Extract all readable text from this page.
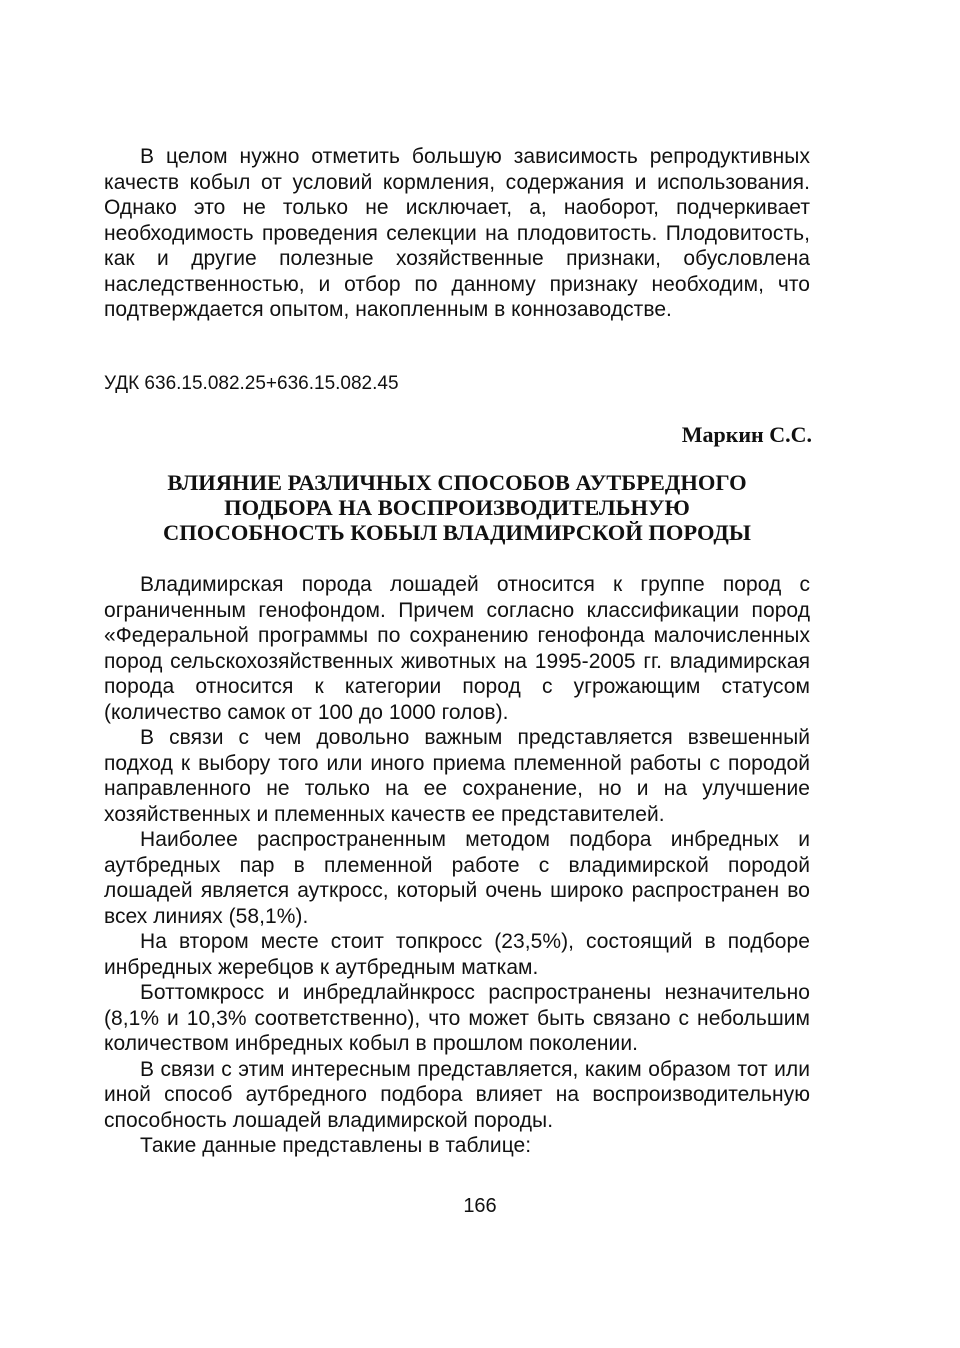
В целом нужно отметить большую зависимость репродуктивных качеств кобыл от условий кормления, содержания и использования. Однако это не только не исключает, а, наоборот, подчеркивает необходимость проведения селекции на плодовитость. Плодовитость, как и другие полезные хозяйственные признаки, обусловлена наследственностью, и отбор по данному признаку необходим, что подтверждается опытом, накопленным в коннозаводстве.

УДК 636.15.082.25+636.15.082.45
Маркин С.С.
ВЛИЯНИЕ РАЗЛИЧНЫХ СПОСОБОВ АУТБРЕДНОГО
ПОДБОРА НА ВОСПРОИЗВОДИТЕЛЬНУЮ
СПОСОБНОСТЬ КОБЫЛ ВЛАДИМИРСКОЙ ПОРОДЫ

Владимирская порода лошадей относится к группе пород с ограниченным генофондом. Причем согласно классификации пород «Федеральной программы по сохранению генофонда малочисленных пород сельскохозяйственных животных на 1995-2005 гг. владимирская порода относится к категории пород с угрожающим статусом (количество самок от 100 до 1000 голов).

В связи с чем довольно важным представляется взвешенный подход к выбору того или иного приема племенной работы с породой направленного не только на ее сохранение, но и на улучшение хозяйственных и племенных качеств ее представителей.

Наиболее распространенным методом подбора инбредных и аутбредных пар в племенной работе с владимирской породой лошадей является ауткросс, который очень широко распространен во всех линиях (58,1%).

На втором месте стоит топкросс (23,5%), состоящий в подборе инбредных жеребцов к аутбредным маткам.

Боттомкросс и инбредлайнкросс распространены незначительно (8,1% и 10,3% соответственно), что может быть связано с небольшим количеством инбредных кобыл в прошлом поколении.

В связи с этим интересным представляется, каким образом тот или иной способ аутбредного подбора влияет на воспроизводительную способность лошадей владимирской породы.

Такие данные представлены в таблице:

166
